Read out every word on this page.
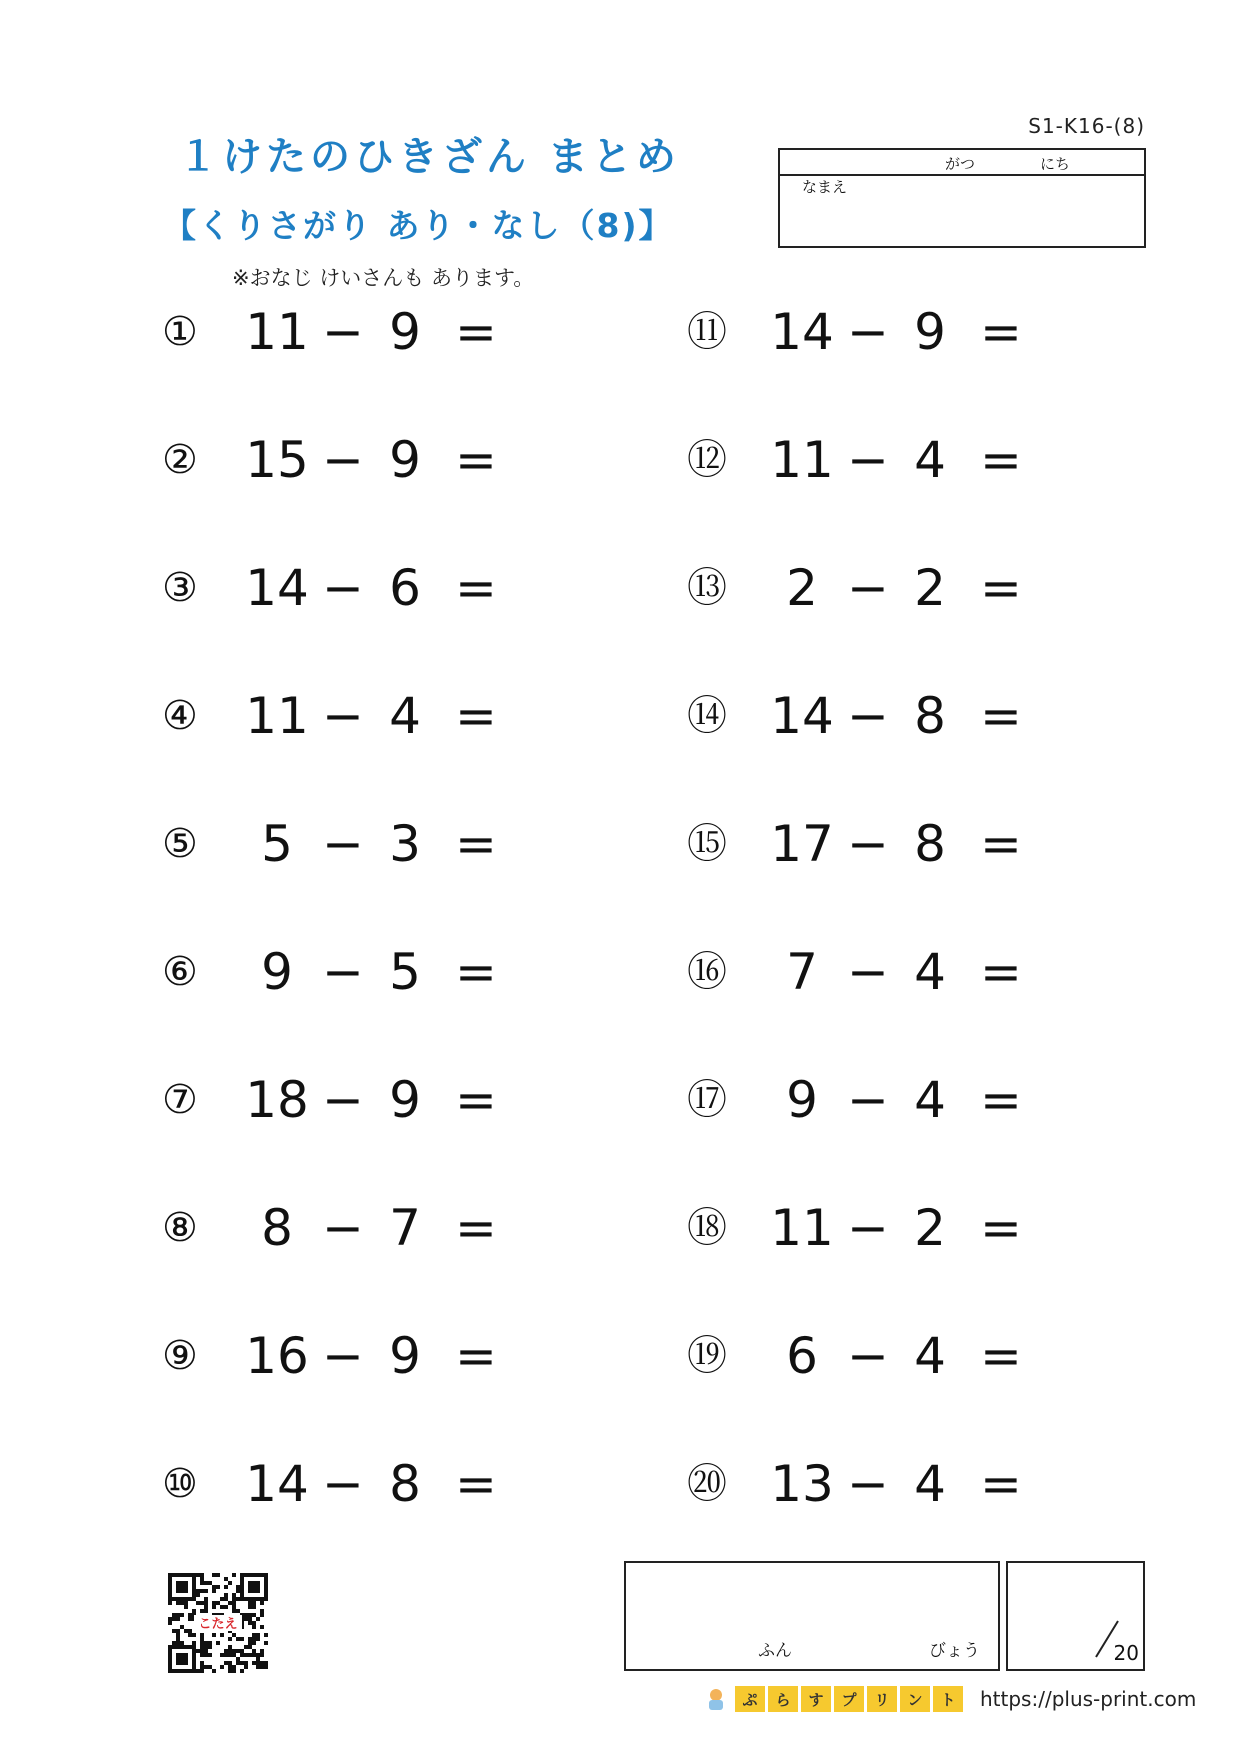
S1-K16-(8)
１けたのひきざん まとめ
【くりさがり あり・なし（8)】
※おなじ けいさんも あります。
がつ	にち
なまえ
① 11 − 9 =
② 15 − 9 =
③ 14 − 6 =
④ 11 − 4 =
⑤	5 − 3 =
⑥	9 − 5 =
⑦ 18 − 9 =
⑧	8 − 7 =
⑨ 16 − 9 =
⑩ 14 − 8 =
⑪ 14 − 9 =
⑫ 11 − 4 =
⑬	2 − 2 =
⑭ 14 − 8 =
⑮ 17 − 8 =
⑯	7 − 4 =
⑰	9 − 4 =
⑱ 11 − 2 =
⑲	6 − 4 =
⑳ 13 − 4 =
こたえ
ふん	びょう	20
ぷ	ら	す	プ	リ	ン	ト	https://plus-print.com
